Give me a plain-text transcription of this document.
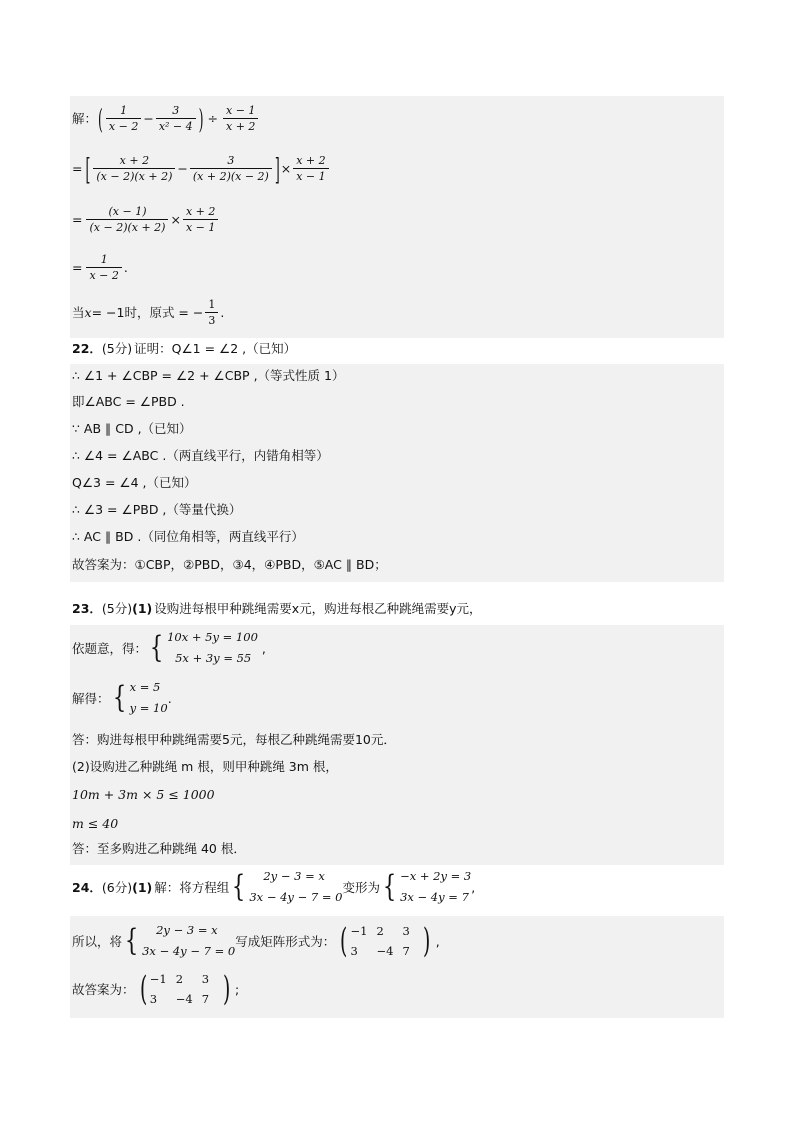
解： ( $\frac{1}{x - 2} - \frac{3}{\text{x² − 4}}$ ) ÷ $\frac{x - 1}{x + 2}$
= [ $\frac{x + 2}{(x - 2)(x + 2)} - \frac{3}{(x + 2)(x - 2)}$ ] × $\frac{x + 2}{x - 1}$
= $\frac{(x - 1)}{(x - 2)(x + 2)} \times \frac{x + 2}{x - 1}$
= $\frac{1}{x - 2}$ .
当 x = −1时，原式 = − $\frac{1}{3}$ .
22． (5分) 证明：Q∠1 = ∠2 ,（已知）
∴ ∠1 + ∠CBP = ∠2 + ∠CBP ,（等式性质 1）
即∠ABC = ∠PBD .
∵ AB ∥ CD ,（已知）
∴ ∠4 = ∠ABC .（两直线平行，内错角相等）
Q∠3 = ∠4 ,（已知）
∴ ∠3 = ∠PBD ,（等量代换）
∴ AC ∥ BD .（同位角相等，两直线平行）
故答案为：①CBP，②PBD，③4，④PBD，⑤AC ∥ BD；
23． (5分) (1) 设购进每根甲种跳绳需要x元，购进每根乙种跳绳需要y元，
依题意，得： { 10x + 5y = 100
5x + 3y = 55
,
解得： { x = 5
y = 10
.
答：购进每根甲种跳绳需要5元，每根乙种跳绳需要10元．
(2)设购进乙种跳绳 m 根，则甲种跳绳 3m 根，
10m + 3m × 5 ≤ 1000
m ≤ 40
答：至多购进乙种跳绳 40 根．
24． (6分) (1) 解：将方程组 {	2y − 3 = x
3x − 4y − 7 = 0
变形为 { −x + 2y = 3
3x − 4y = 7
,
所以，将 {	2y − 3 = x
3x − 4y − 7 = 0
写成矩阵形式为： ( −1 2	3
3	−4 7 ) ,
故答案为： ( −1 2	3
3	−4 7 ) ;
